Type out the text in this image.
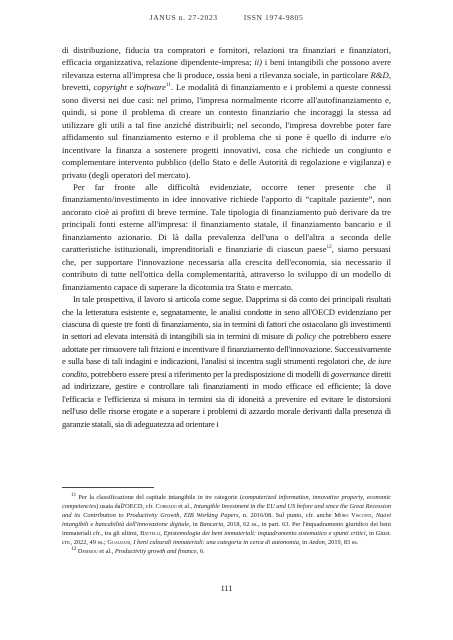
JANUS n. 27-2023	ISSN 1974-9805

di distribuzione, fiducia tra compratori e fornitori, relazioni tra finanziari e finanziatori, efficacia organizzativa, relazione dipendente-impresa; ii) i beni intangibili che possono avere rilevanza esterna all'impresa che li produce, ossia beni a rilevanza sociale, in particolare R&D, brevetti, copyright e software$^{11}$. Le modalità di finanziamento e i problemi a queste connessi sono diversi nei due casi: nel primo, l'impresa normalmente ricorre all'autofinanziamento e, quindi, si pone il problema di creare un contesto finanziario che incoraggi la stessa ad utilizzare gli utili a tal fine anziché distribuirli; nel secondo, l'impresa dovrebbe poter fare affidamento sul finanziamento esterno e il problema che si pone è quello di indurre e/o incentivare la finanza a sostenere progetti innovativi, cosa che richiede un congiunto e complementare intervento pubblico (dello Stato e delle Autorità di regolazione e vigilanza) e privato (degli operatori del mercato).

Per far fronte alle difficoltà evidenziate, occorre tener presente che il finanziamento/investimento in idee innovative richiede l'apporto di “capitale paziente”, non ancorato cioè ai profitti di breve termine. Tale tipologia di finanziamento può derivare da tre principali fonti esterne all'impresa: il finanziamento statale, il finanziamento bancario e il finanziamento azionario. Di là dalla prevalenza dell'una o dell'altra a seconda delle caratteristiche istituzionali, imprenditoriali e finanziarie di ciascun paese$^{12}$, siamo persuasi che, per supportare l'innovazione necessaria alla crescita dell'economia, sia necessario il contributo di tutte nell'ottica della complementarità, attraverso lo sviluppo di un modello di finanziamento capace di superare la dicotomia tra Stato e mercato.

In tale prospettiva, il lavoro si articola come segue. Dapprima si dà conto dei principali risultati che la letteratura esistente e, segnatamente, le analisi condotte in seno all'OECD evidenziano per ciascuna di queste tre fonti di finanziamento, sia in termini di fattori che ostacolano gli investimenti in settori ad elevata intensità di intangibili sia in termini di misure di policy che potrebbero essere adottate per rimuovere tali frizioni e incentivare il finanziamento dell'innovazione. Successivamente e sulla base di tali indagini e indicazioni, l'analisi si incentra sugli strumenti regolatori che, de iure condito, potrebbero essere presi a riferimento per la predisposizione di modelli di governance diretti ad indirizzare, gestire e controllare tali finanziamenti in modo efficace ed efficiente; là dove l'efficacia e l'efficienza si misura in termini sia di idoneità a prevenire ed evitare le distorsioni nell'uso delle risorse erogate e a superare i problemi di azzardo morale derivanti dalla presenza di garanzie statali, sia di adeguatezza ad orientare i

$^{11}$ Per la classificazione del capitale intangibile in tre categorie (computerized information, innovative property, economic competencies) usata dall'OECD, cfr. Corrado et al., Intangible Investment in the EU and US before and since the Great Recession and its Contribution to Productivity Growth, EIB Working Papers, n. 2016/08. Sul punto, cfr. anche Moro Visconti, Nuovi intangibili e bancabilità dell'innovazione digitale, in Bancaria, 2018, 62 ss., in part. 63. Per l'inquadramento giuridico dei beni immateriali cfr., tra gli ultimi, Battelli, Epistemologia dei beni immateriali: inquadramento sistematico e spunti critici, in Giust. civ., 2022, 49 ss.; Gualdani, I beni culturali immateriali: una categoria in cerca di autonomia, in Aedon, 2019, 83 ss.

$^{12}$ Demmou et al., Productivity growth and finance, 6.

111
